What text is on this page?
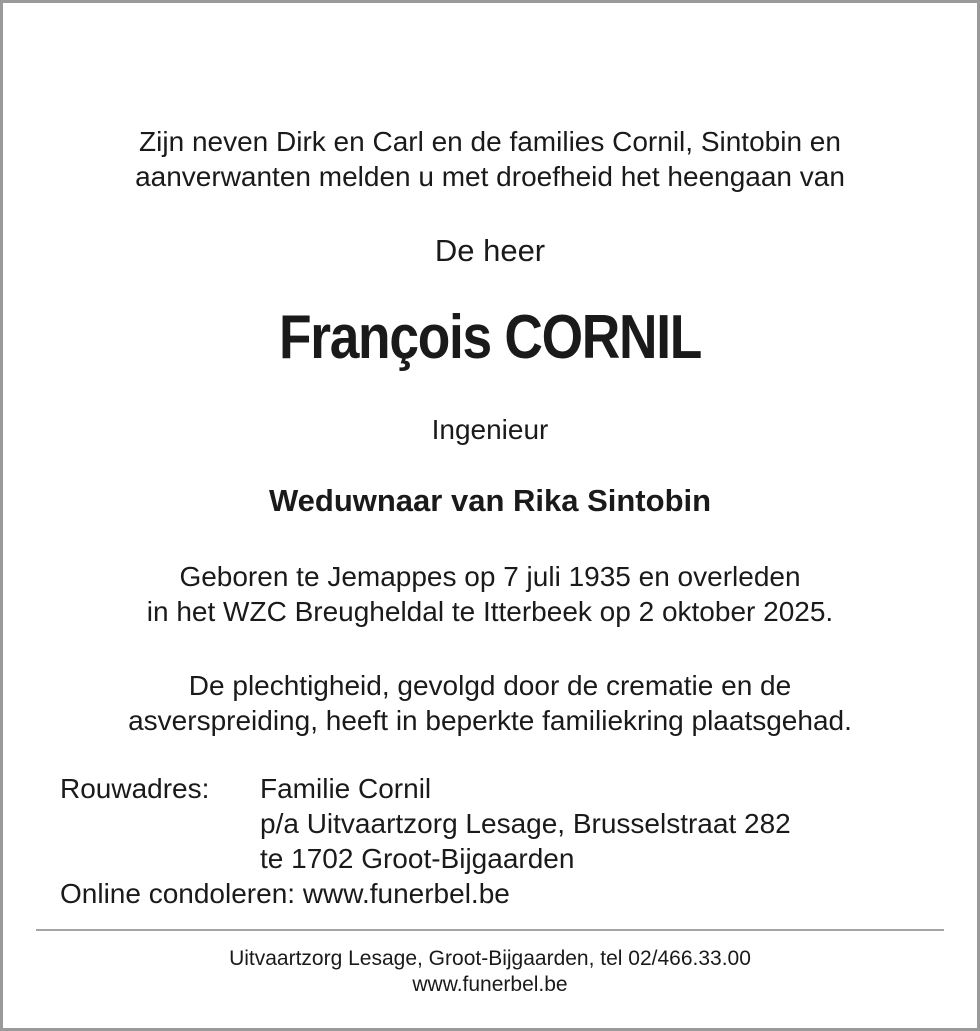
Zijn neven Dirk en Carl en de families Cornil, Sintobin en
aanverwanten melden u met droefheid het heengaan van
De heer
François CORNIL
Ingenieur
Weduwnaar van Rika Sintobin
Geboren te Jemappes op 7 juli 1935 en overleden
in het WZC Breugheldal te Itterbeek op 2 oktober 2025.
De plechtigheid, gevolgd door de crematie en de
asverspreiding, heeft in beperkte familiekring plaatsgehad.
Rouwadres: Familie Cornil
p/a Uitvaartzorg Lesage, Brusselstraat 282
te 1702 Groot-Bijgaarden
Online condoleren: www.funerbel.be
Uitvaartzorg Lesage, Groot-Bijgaarden, tel 02/466.33.00
www.funerbel.be
